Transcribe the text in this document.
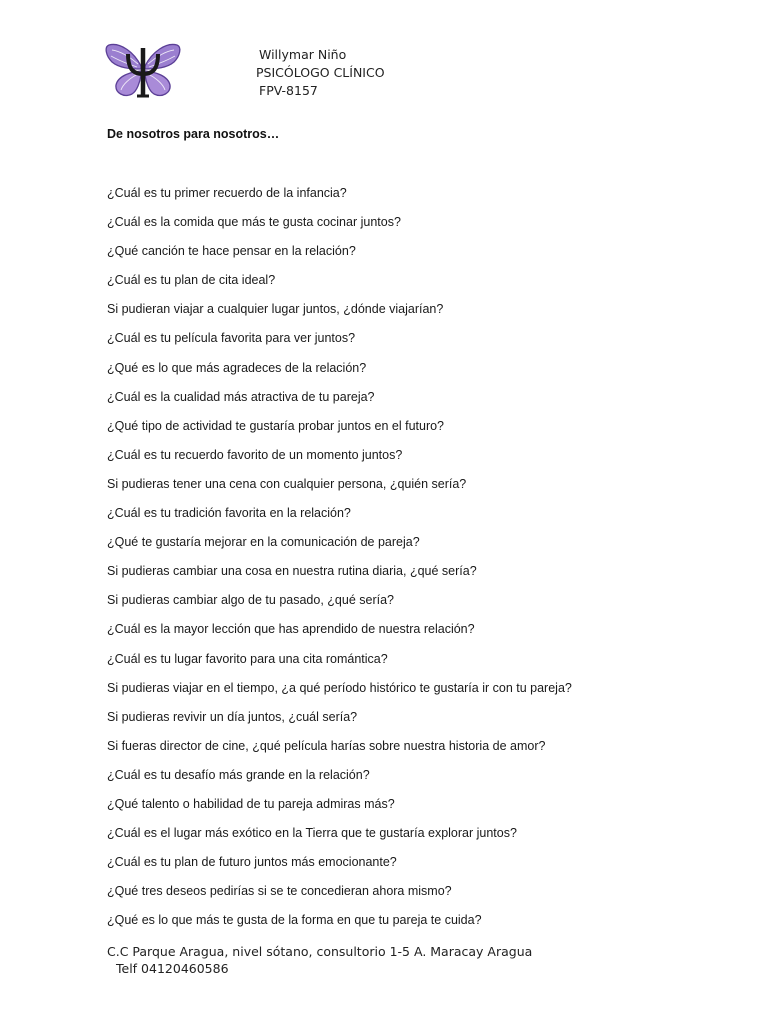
Willymar Niño
PSICÓLOGO CLÍNICO
FPV-8157
De nosotros para nosotros…
¿Cuál es tu primer recuerdo de la infancia?
¿Cuál es la comida que más te gusta cocinar juntos?
¿Qué canción te hace pensar en la relación?
¿Cuál es tu plan de cita ideal?
Si pudieran viajar a cualquier lugar juntos, ¿dónde viajarían?
¿Cuál es tu película favorita para ver juntos?
¿Qué es lo que más agradeces de la relación?
¿Cuál es la cualidad más atractiva de tu pareja?
¿Qué tipo de actividad te gustaría probar juntos en el futuro?
¿Cuál es tu recuerdo favorito de un momento juntos?
Si pudieras tener una cena con cualquier persona, ¿quién sería?
¿Cuál es tu tradición favorita en la relación?
¿Qué te gustaría mejorar en la comunicación de pareja?
Si pudieras cambiar una cosa en nuestra rutina diaria, ¿qué sería?
Si pudieras cambiar algo de tu pasado, ¿qué sería?
¿Cuál es la mayor lección que has aprendido de nuestra relación?
¿Cuál es tu lugar favorito para una cita romántica?
Si pudieras viajar en el tiempo, ¿a qué período histórico te gustaría ir con tu pareja?
Si pudieras revivir un día juntos, ¿cuál sería?
Si fueras director de cine, ¿qué película harías sobre nuestra historia de amor?
¿Cuál es tu desafío más grande en la relación?
¿Qué talento o habilidad de tu pareja admiras más?
¿Cuál es el lugar más exótico en la Tierra que te gustaría explorar juntos?
¿Cuál es tu plan de futuro juntos más emocionante?
¿Qué tres deseos pedirías si se te concedieran ahora mismo?
¿Qué es lo que más te gusta de la forma en que tu pareja te cuida?
C.C Parque Aragua, nivel sótano, consultorio 1-5 A. Maracay Aragua
Telf 04120460586
